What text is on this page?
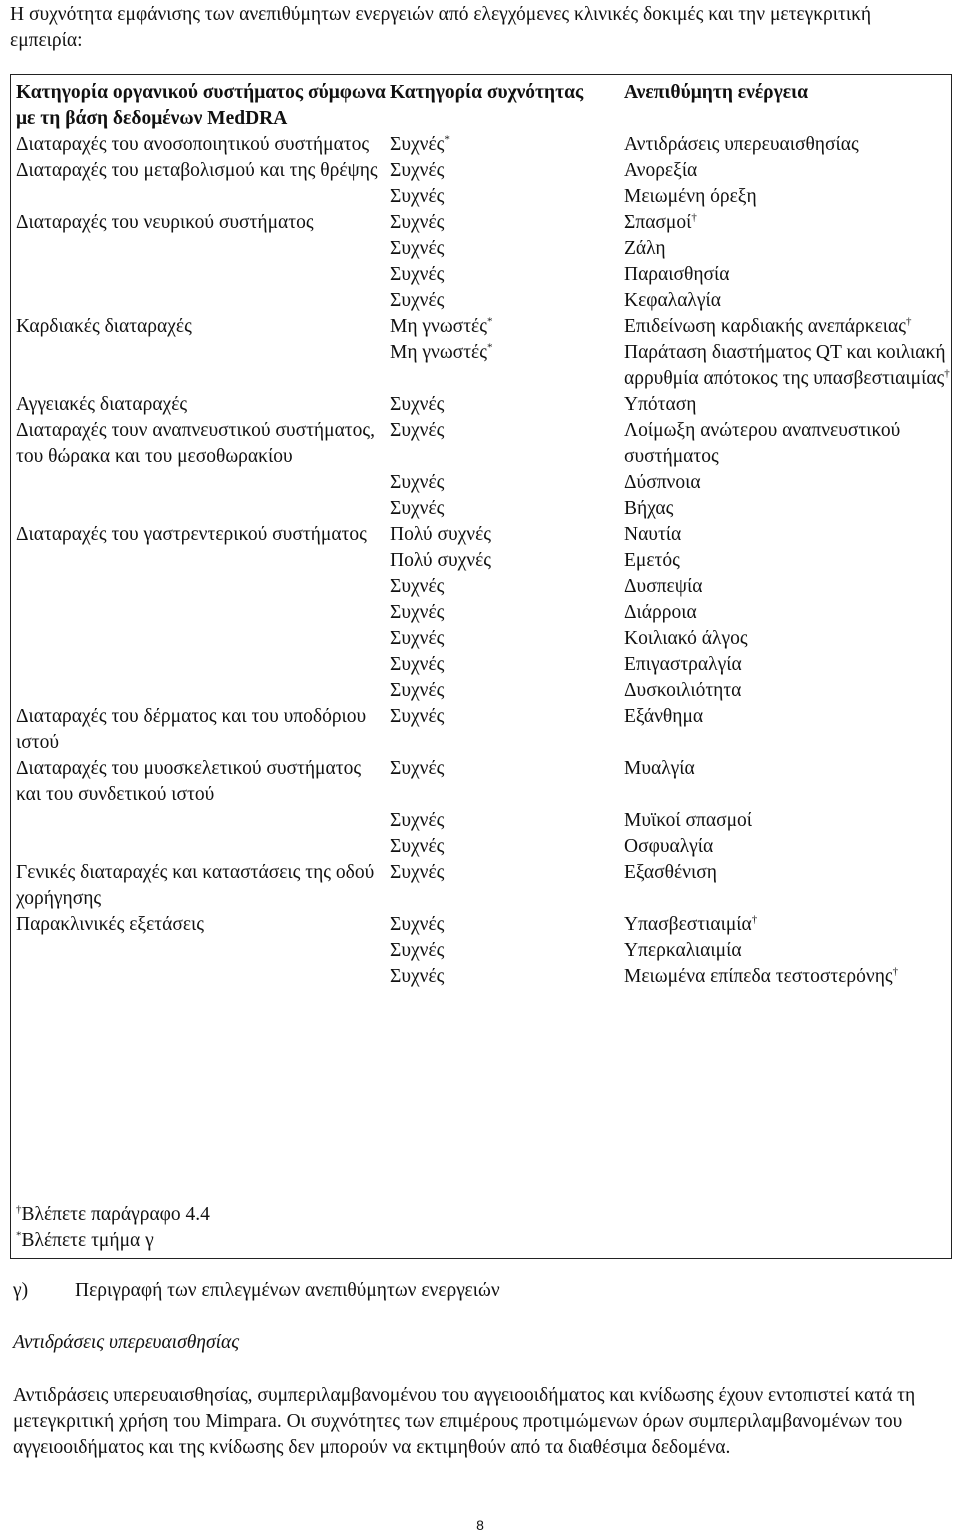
Η συχνότητα εμφάνισης των ανεπιθύμητων ενεργειών από ελεγχόμενες κλινικές δοκιμές και την μετεγκριτική εμπειρία:
Κατηγορία οργανικού συστήματος σύμφωνα με τη βάση δεδομένων MedDRA	Κατηγορία συχνότητας	Ανεπιθύμητη ενέργεια
Διαταραχές του ανοσοποιητικού συστήματος	Συχνές*	Αντιδράσεις υπερευαισθησίας
Διαταραχές του μεταβολισμού και της θρέψης	Συχνές	Ανορεξία
	Συχνές	Μειωμένη όρεξη
Διαταραχές του νευρικού συστήματος	Συχνές	Σπασμοί†
	Συχνές	Ζάλη
	Συχνές	Παραισθησία
	Συχνές	Κεφαλαλγία
Καρδιακές διαταραχές	Μη γνωστές*	Επιδείνωση καρδιακής ανεπάρκειας†
	Μη γνωστές*	Παράταση διαστήματος QT και κοιλιακή αρρυθμία απότοκος της υπασβεστιαιμίας†
Αγγειακές διαταραχές	Συχνές	Υπόταση
Διαταραχές τουν αναπνευστικού συστήματος, του θώρακα και του μεσοθωρακίου	Συχνές	Λοίμωξη ανώτερου αναπνευστικού συστήματος
	Συχνές	Δύσπνοια
	Συχνές	Βήχας
Διαταραχές του γαστρεντερικού συστήματος	Πολύ συχνές	Ναυτία
	Πολύ συχνές	Εμετός
	Συχνές	Δυσπεψία
	Συχνές	Διάρροια
	Συχνές	Κοιλιακό άλγος
	Συχνές	Επιγαστραλγία
	Συχνές	Δυσκοιλιότητα
Διαταραχές του δέρματος και του υποδόριου ιστού	Συχνές	Εξάνθημα
Διαταραχές του μυοσκελετικού συστήματος και του συνδετικού ιστού	Συχνές	Μυαλγία
	Συχνές	Μυϊκοί σπασμοί
	Συχνές	Οσφυαλγία
Γενικές διαταραχές και καταστάσεις της οδού χορήγησης	Συχνές	Εξασθένιση
Παρακλινικές εξετάσεις	Συχνές	Υπασβεστιαιμία†
	Συχνές	Υπερκαλιαιμία
	Συχνές	Μειωμένα επίπεδα τεστοστερόνης†
†Βλέπετε παράγραφο 4.4
*Βλέπετε τμήμα γ
γ) Περιγραφή των επιλεγμένων ανεπιθύμητων ενεργειών
Αντιδράσεις υπερευαισθησίας
Αντιδράσεις υπερευαισθησίας, συμπεριλαμβανομένου του αγγειοοιδήματος και κνίδωσης έχουν εντοπιστεί κατά τη μετεγκριτική χρήση του Mimpara. Οι συχνότητες των επιμέρους προτιμώμενων όρων συμπεριλαμβανομένων του αγγειοοιδήματος και της κνίδωσης δεν μπορούν να εκτιμηθούν από τα διαθέσιμα δεδομένα.
8
